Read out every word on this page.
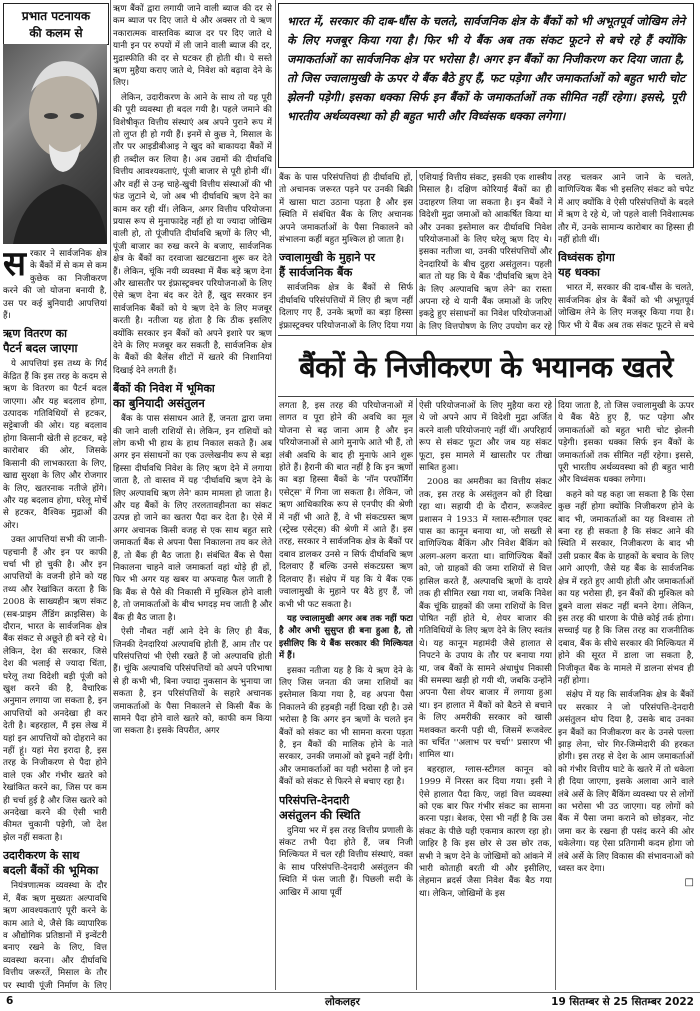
प्रभात पटनायक
की कलम से
भारत में, सरकार की दाब-धौंस के चलते, सार्वजनिक क्षेत्र के बैंकों को भी अभूतपूर्व जोखिम लेने के लिए मजबूर किया गया है। फिर भी ये बैंक अब तक संकट फूटने से बचे रहे हैं क्योंकि जमाकर्ताओं का सार्वजनिक क्षेत्र पर भरोसा है। अगर इन बैंकों का निजीकरण कर दिया जाता है, तो जिस ज्वालामुखी के ऊपर ये बैंक बैठे हुए हैं, फट पड़ेगा और जमाकर्ताओं को बहुत भारी चोट झेलनी पड़ेगी। इसका धक्का सिर्फ इन बैंकों के जमाकर्ताओं तक सीमित नहीं रहेगा। इससे, पूरी भारतीय अर्थव्यवस्था को ही बहुत भारी और विध्वंसक धक्का लगेगा।
बैंकों के निजीकरण के भयानक खतरे

सरकार ने सार्वजनिक क्षेत्र के बैंकों में से कम से कम कुछेक का निजीकरण करने की जो योजना बनायी है, उस पर कई बुनियादी आपत्तियां हैं।

ऋण वितरण का
पैटर्न बदल जाएगा

ये आपत्तियां इस तथ्य के गिर्द केंद्रित हैं कि इस तरह के कदम से ऋण के वितरण का पैटर्न बदल जाएगा। और यह बदलाव होगा, उत्पादक गतिविधियों से हटकर, सट्टेबाजी की ओर। यह बदलाव होगा किसानी खेती से हटकर, बड़े कारोबार की ओर, जिसके किसानी की लाभकारता के लिए, खाद्य सुरक्षा के लिए और रोजगार के लिए, खतरनाक नतीजे होंगे। और यह बदलाव होगा, घरेलू मोर्चे से हटकर, वैश्विक मुद्राओं की ओर।

उक्त आपत्तियां सभी की जानी-पहचानी हैं और इन पर काफी चर्चा भी हो चुकी है। और इन आपत्तियों के वजनी होने को यह तथ्य और रेखांकित करता है कि 2008 के साख्यहीन ऋण संकट (सब-प्राइम लैंडिंग क्राइसिस) के दौरान, भारत के सार्वजनिक क्षेत्र बैंक संकट से अछूते ही बने रहे थे। लेकिन, देश की सरकार, जिसे देश की भलाई से ज्यादा चिंता, घरेलू तथा विदेशी बड़ी पूंजी को खुश करने की है, वैचारिक अनुमान लगाया जा सकता है, इन आपत्तियों को अनदेखा ही कर देती है। बहरहाल, मैं इस लेख में यहां इन आपत्तियों को दोहराने का नहीं हूं। यहां मेरा इरादा है, इस तरह के निजीकरण से पैदा होने वाले एक और गंभीर खतरे को रेखांकित करने का, जिस पर कम ही चर्चा हुई है और जिस खतरे को अनदेखा करने की ऐसी भारी कीमत चुकानी पड़ेगी, जो देश झेल नहीं सकता है।

उदारीकरण के साथ
बदली बैंकों की भूमिका

नियंत्रणात्मक व्यवस्था के दौर में, बैंक ऋण मुख्यतः अल्पावधि ऋण आवश्यकताएं पूरी करने के काम आते थे, जैसे कि व्यापारिक व औद्योगिक प्रतिष्ठानों में इन्वेंटरी बनाए रखने के लिए, वित्त व्यवस्था करना। और दीर्घावधि वित्तीय जरूरतें, मिसाल के तौर पर स्थायी पूंजी निर्माण के लिए

ऋण बैंकों द्वारा लगायी जाने वाली ब्याज की दर से कम ब्याज पर दिए जाते थे और अक्सर तो ये ऋण नकारात्मक वास्तविक ब्याज दर पर दिए जाते थे यानी इन पर रुपयों में ली जाने वाली ब्याज की दर, मुद्रास्फीति की दर से घटकर ही होती थी। ये सस्ते ऋण मुहैया कराए जाते थे, निवेश को बढ़ावा देने के लिए।

लेकिन, उदारीकरण के आने के साथ तो यह पूरी की पूरी व्यवस्था ही बदल गयी है। पहले जमाने की विशेषीकृत वित्तीय संस्थाएं अब अपने पुराने रूप में तो लुप्त ही हो गयी हैं। इनमें से कुछ ने, मिसाल के तौर पर आइडीबीआइ ने खुद को बाकायदा बैंकों में ही तब्दील कर लिया है। अब उद्यमों की दीर्घावधि वित्तीय आवश्यकताएं, पूंजी बाजार से पूरी होनी थीं। और वहीं से उन्ह चाहे-खुची वित्तीय संस्थाओं की भी फंड जुटाने थे, जो अब भी दीर्घावधि ऋण देने का काम कर रही थीं। लेकिन, अगर वित्तीय परियोजना प्रयास रूप से मुनाफादेह नहीं हो या ज्यादा जोखिम वाली हो, तो पूंजीपति दीर्घावधि ऋणों के लिए भी, पूंजी बाजार का रुख करने के बजाए, सार्वजनिक क्षेत्र के बैंकों का दरवाजा खटखटाना शुरू कर देते हैं। लेकिन, चूंकि नयी व्यवस्था में बैंक बड़े ऋण देना और खासतौर पर इंफ्रास्ट्रक्चर परियोजनाओं के लिए ऐसे ऋण देना बंद कर देते हैं, खुद सरकार इन सार्वजनिक बैंकों को ये ऋण देने के लिए मजबूर करती है। नतीजा यह होता है कि ठीक इसलिए क्योंकि सरकार इन बैंकों को अपने इशारे पर ऋण देने के लिए मजबूर कर सकती है, सार्वजनिक क्षेत्र के बैंकों की बैलेंस शीटों में खतरे की निशानियां दिखाई देने लगती हैं।

बैंकों की निवेश में भूमिका
का बुनियादी असंतुलन

बैंक के पास संसाधन आते हैं, जनता द्वारा जमा की जाने वाली राशियों से। लेकिन, इन राशियों को लोग कभी भी हाथ के हाथ निकाल सकते हैं। अब अगर इन संसाधनों का एक उल्लेखनीय रूप से बड़ा हिस्सा दीर्घावधि निवेश के लिए ऋण देने में लगाया जाता है, तो वास्तव में यह 'दीर्घावधि ऋण देने के लिए अल्पावधि ऋण लेने' काम मामला हो जाता है। और यह बैंकों के लिए तरलतावहीनता का संकट उत्पन्न हो जाने का खतरा पैदा कर देता है। ऐसे में अगर अचानक किसी वजह से एक साथ बहुत सारे जमाकर्ता बैंक से अपना पैसा निकालना तय कर लेते हैं, तो बैंक ही बैठ जाता है। संबंधित बैंक से पैसा निकालना चाहने वाले जमाकर्ता वहां थोड़े ही हों, फिर भी अगर यह खबर या अफवाह फैल जाती है कि बैंक से पैसे की निकासी में मुश्किल होने वाली है, तो जमाकर्ताओं के बीच भगदड़ मच जाती है और बैंक ही बैठ जाता है।

ऐसी नौबत नहीं आने देने के लिए ही बैंक, जिनकी देनदारियां अल्पावधि होती हैं, आम तौर पर परिसंपत्तियां भी ऐसी रखते हैं जो अल्पावधि होती हैं। चूंकि अल्पावधि परिसंपत्तियों को अपने परिभाषा से ही कभी भी, बिना ज्यादा नुकसान के भुनाया जा सकता है, इन परिसंपत्तियों के सहारे अचानक जमाकर्ताओं के पैसा निकालने से किसी बैंक के सामने पैदा होने वाले खतरे को, काफी कम किया जा सकता है। इसके विपरीत, अगर

बैंक के पास परिसंपत्तियां ही दीर्घावधि हों, तो अचानक जरूरत पड़ने पर उनकी बिक्री में खासा घाटा उठाना पड़ता है और इस स्थिति में संबंधित बैंक के लिए अचानक अपने जमाकर्ताओं के पैसा निकालने को संभालना कहीं बहुत मुश्किल हो जाता है।

ज्वालामुखी के मुहाने पर
हैं सार्वजनिक बैंक

सार्वजनिक क्षेत्र के बैंकों से सिर्फ दीर्घावधि परिसंपत्तियों में लिए ही ऋण नहीं दिलाए गए हैं, उनके ऋणों का बड़ा हिस्सा इंफ्रास्ट्रक्चर परियोजनाओं के लिए दिया गया

एशियाई वित्तीय संकट, इसकी एक शास्त्रीय मिसाल है। दक्षिण कोरियाई बैंकों का ही उदाहरण लिया जा सकता है। इन बैंकों ने विदेशी मुद्रा जमाओं को आकर्षित किया था और उनका इस्तेमाल कर दीर्घावधि निवेश परियोजनाओं के लिए घरेलू ऋण दिए थे। इसका नतीजा था, उनकी परिसंपत्तियों और देनदारियों के बीच दुहरा असंतुलन। पहली बात तो यह कि ये बैंक 'दीर्घावधि ऋण देने के लिए अल्पावधि ऋण लेने' का रास्ता अपना रहे थे यानी बैंक जमाओं के जरिए इकट्ठे हुए संसाधनों का निवेश परियोजनाओं के लिए वित्तपोषण के लिए उपयोग कर रहे

तरह चलकर आने जाने के चलते, वाणिज्यिक बैंक भी इसलिए संकट को चपेट में आए क्योंकि वे ऐसी परिसंपत्तियों के बदले में ऋण दे रहे थे, जो पहले वाली निवेशात्मक तौर में, उनके सामान्य कारोबार का हिस्सा ही नहीं होती थीं।

विध्वंसक होगा
यह धक्का

भारत में, सरकार की दाब-धौंस के चलते, सार्वजनिक क्षेत्र के बैंकों को भी अभूतपूर्व जोखिम लेने के लिए मजबूर किया गया है। फिर भी ये बैंक अब तक संकट फूटने से बचे

लगता है, इस तरह की परियोजनाओं में लागत व पूरा होने की अवधि का मूल योजना से बढ़ जाना आम है और इन परियोजनाओं से आगे मुनाफे आते भी हैं, तो लंबी अवधि के बाद ही मुनाफे आने शुरू होते हैं। हैरानी की बात नहीं है कि इन ऋणों का बड़ा हिस्सा बैंकों के 'नॉन परफॉर्मिंग एसेट्स' में गिना जा सकता है। लेकिन, जो ऋण आधिकारिक रूप से एनपीए की श्रेणी में नहीं भी आते हैं, वे भी संकटग्रस्त ऋण (स्ट्रेस्ड एसेट्स) की श्रेणी में आते हैं। इस तरह, सरकार ने सार्वजनिक क्षेत्र के बैंकों पर दबाव डालकर उनसे न सिर्फ दीर्घावधि ऋण दिलवाए हैं बल्कि उनसे संकटग्रस्त ऋण दिलवाए हैं। संक्षेप में यह कि ये बैंक एक ज्वालामुखी के मुहाने पर बैठे हुए हैं, जो कभी भी फट सकता है।

यह ज्वालामुखी अगर अब तक नहीं फटा है और अभी सुसुप्त ही बना हुआ है, तो इसीलिए कि ये बैंक सरकार की मिल्कियत में हैं।

इसका नतीजा यह है कि ये ऋण देने के लिए जिस जनता की जमा राशियों का इस्तेमाल किया गया है, वह अपना पैसा निकालने की हड़बड़ी नहीं दिखा रही है। उसे भरोसा है कि अगर इन ऋणों के चलते इन बैंकों को संकट का भी सामना करना पड़ता है, इन बैंकों की मालिक होने के नाते सरकार, उनकी जमाओं को डूबने नहीं देगी। और जमाकर्ताओं का यही भरोसा है जो इन बैंकों को संकट से फिरने से बचाए रहा है।

परिसंपत्ति-देनदारी
असंतुलन की स्थिति

दुनिया भर में इस तरह वित्तीय प्रणाली के संकट तभी पैदा होते हैं, जब निजी मिल्कियत में चल रही वित्तीय संस्थाएं, वक्त के साथ परिसंपत्ति-देनदारी असंतुलन की स्थिति में फंस जाती हैं। पिछली सदी के आखिर में आया पूर्वी

ऐसी परियोजनाओं के लिए मुहैया करा रहे थे जो अपने आप में विदेशी मुद्रा अर्जित करने वाली परियोजनाएं नहीं थीं। अपरिहार्य रूप से संकट फूटा और जब यह संकट फूटा, इस मामले में खासतौर पर तीखा साबित हुआ।

2008 का अमरीका का वित्तीय संकट तक, इस तरह के असंतुलन को ही दिखा रहा था। सहायी दी के दौरान, रूजवेल्ट प्रशासन ने 1933 में ग्लास-स्टीगाल एक्ट पास का कानून बनाया था, जो सख्ती से वाणिज्यिक बैंकिंग और निवेश बैंकिंग को अलग-अलग करता था। वाणिज्यिक बैंकों को, जो ग्राहकों की जमा राशियों से वित्त हासिल करते हैं, अल्पावधि ऋणों के दायरे तक ही सीमित रखा गया था, जबकि निवेश बैंक चूंकि ग्राहकों की जमा राशियों के वित्त पोषित नहीं होते थे, शेयर बाजार की गतिविधियों के लिए ऋण देने के लिए स्वतंत्र थे। यह कानून महामंदी जैसे हालात से निपटने के उपाय के तौर पर बनाया गया था, जब बैंकों के सामने अंधाधुंध निकासी की समस्या खड़ी हो गयी थी, जबकि उन्होंने अपना पैसा शेयर बाजार में लगाया हुआ था। इन हालात में बैंकों को बैठने से बचाने के लिए अमरीकी सरकार को खासी मशक्कत करनी पड़ी थी, जिसमें रूजवेल्ट का चर्चित ''अलाभ पर चर्चा'' प्रसारण भी शामिल था।

बहरहाल, ग्लास-स्टीगल कानून को 1999 में निरस्त कर दिया गया। इसी ने ऐसे हालात पैदा किए, जहां वित्त व्यवस्था को एक बार फिर गंभीर संकट का सामना करना पड़ा। बेशक, ऐसा भी नहीं है कि उस संकट के पीछे यही एकमात्र कारण रहा हो। जाहिर है कि इस छोर से उस छोर तक, सभी ने ऋण देने के जोखिमों को आंकने में भारी कोताही बरती थी और इसीलिए, लेहमान ब्रदर्स जैसा निवेश बैंक बैठ गया था। लेकिन, जोखिमों के इस

दिया जाता है, तो जिस ज्वालामुखी के ऊपर ये बैंक बैठे हुए हैं, फट पड़ेगा और जमाकर्ताओं को बहुत भारी चोट झेलनी पड़ेगी। इसका धक्का सिर्फ इन बैंकों के जमाकर्ताओं तक सीमित नहीं रहेगा। इससे, पूरी भारतीय अर्थव्यवस्था को ही बहुत भारी और विध्वंसक धक्का लगेगा।

कहने को यह कहा जा सकता है कि ऐसा कुछ नहीं होगा क्योंकि निजीकरण होने के बाद भी, जमाकर्ताओं का यह विश्वास तो बना रह ही सकता है कि संकट आने की स्थिति में सरकार, निजीकरण के बाद भी उसी प्रकार बैंक के ग्राहकों के बचाव के लिए आगे आएगी, जैसे यह बैंक के सार्वजनिक क्षेत्र में रहते हुए आयी होती और जमाकर्ताओं का यह भरोसा ही, इन बैंकों की मुश्किल को डूबने वाला संकट नहीं बनने देगा। लेकिन, इस तरह की धारणा के पीछे कोई तर्क होगा। सच्चाई यह है कि जिस तरह का राजनीतिक दबाव, बैंक के सीधे सरकार की मिल्कियत में होने की सूरत में डाला जा सकता है, निजीकृत बैंक के मामले में डालना संभव ही नहीं होगा।

संक्षेप में यह कि सार्वजनिक क्षेत्र के बैंकों पर सरकार ने जो परिसंपत्ति-देनदारी असंतुलन थोप दिया है, उसके बाद उनका इन बैंकों का निजीकरण कर के उनसे पल्ला झाड़ लेना, चोर गिर-जिम्मेदारी की हरकत होगी। इस तरह से देश के आम जमाकर्ताओं को गंभीर वित्तीय घाटे के खतरे में तो धकेला ही दिया जाएगा, इसके अलावा आने वाले लंबे अर्से के लिए बैंकिंग व्यवस्था पर से लोगों का भरोसा भी उठ जाएगा। यह लोगों को बैंक में पैसा जमा कराने को छोड़कर, नोट जमा कर के रखना ही पसंद करने की ओर धकेलेगा। यह ऐसा प्रतिगामी कदम होगा जो लंबे अर्से के लिए विकास की संभावनाओं को ध्वस्त कर देगा।

□
6	लोकलहर	19 सितम्बर से 25 सितम्बर 2022
